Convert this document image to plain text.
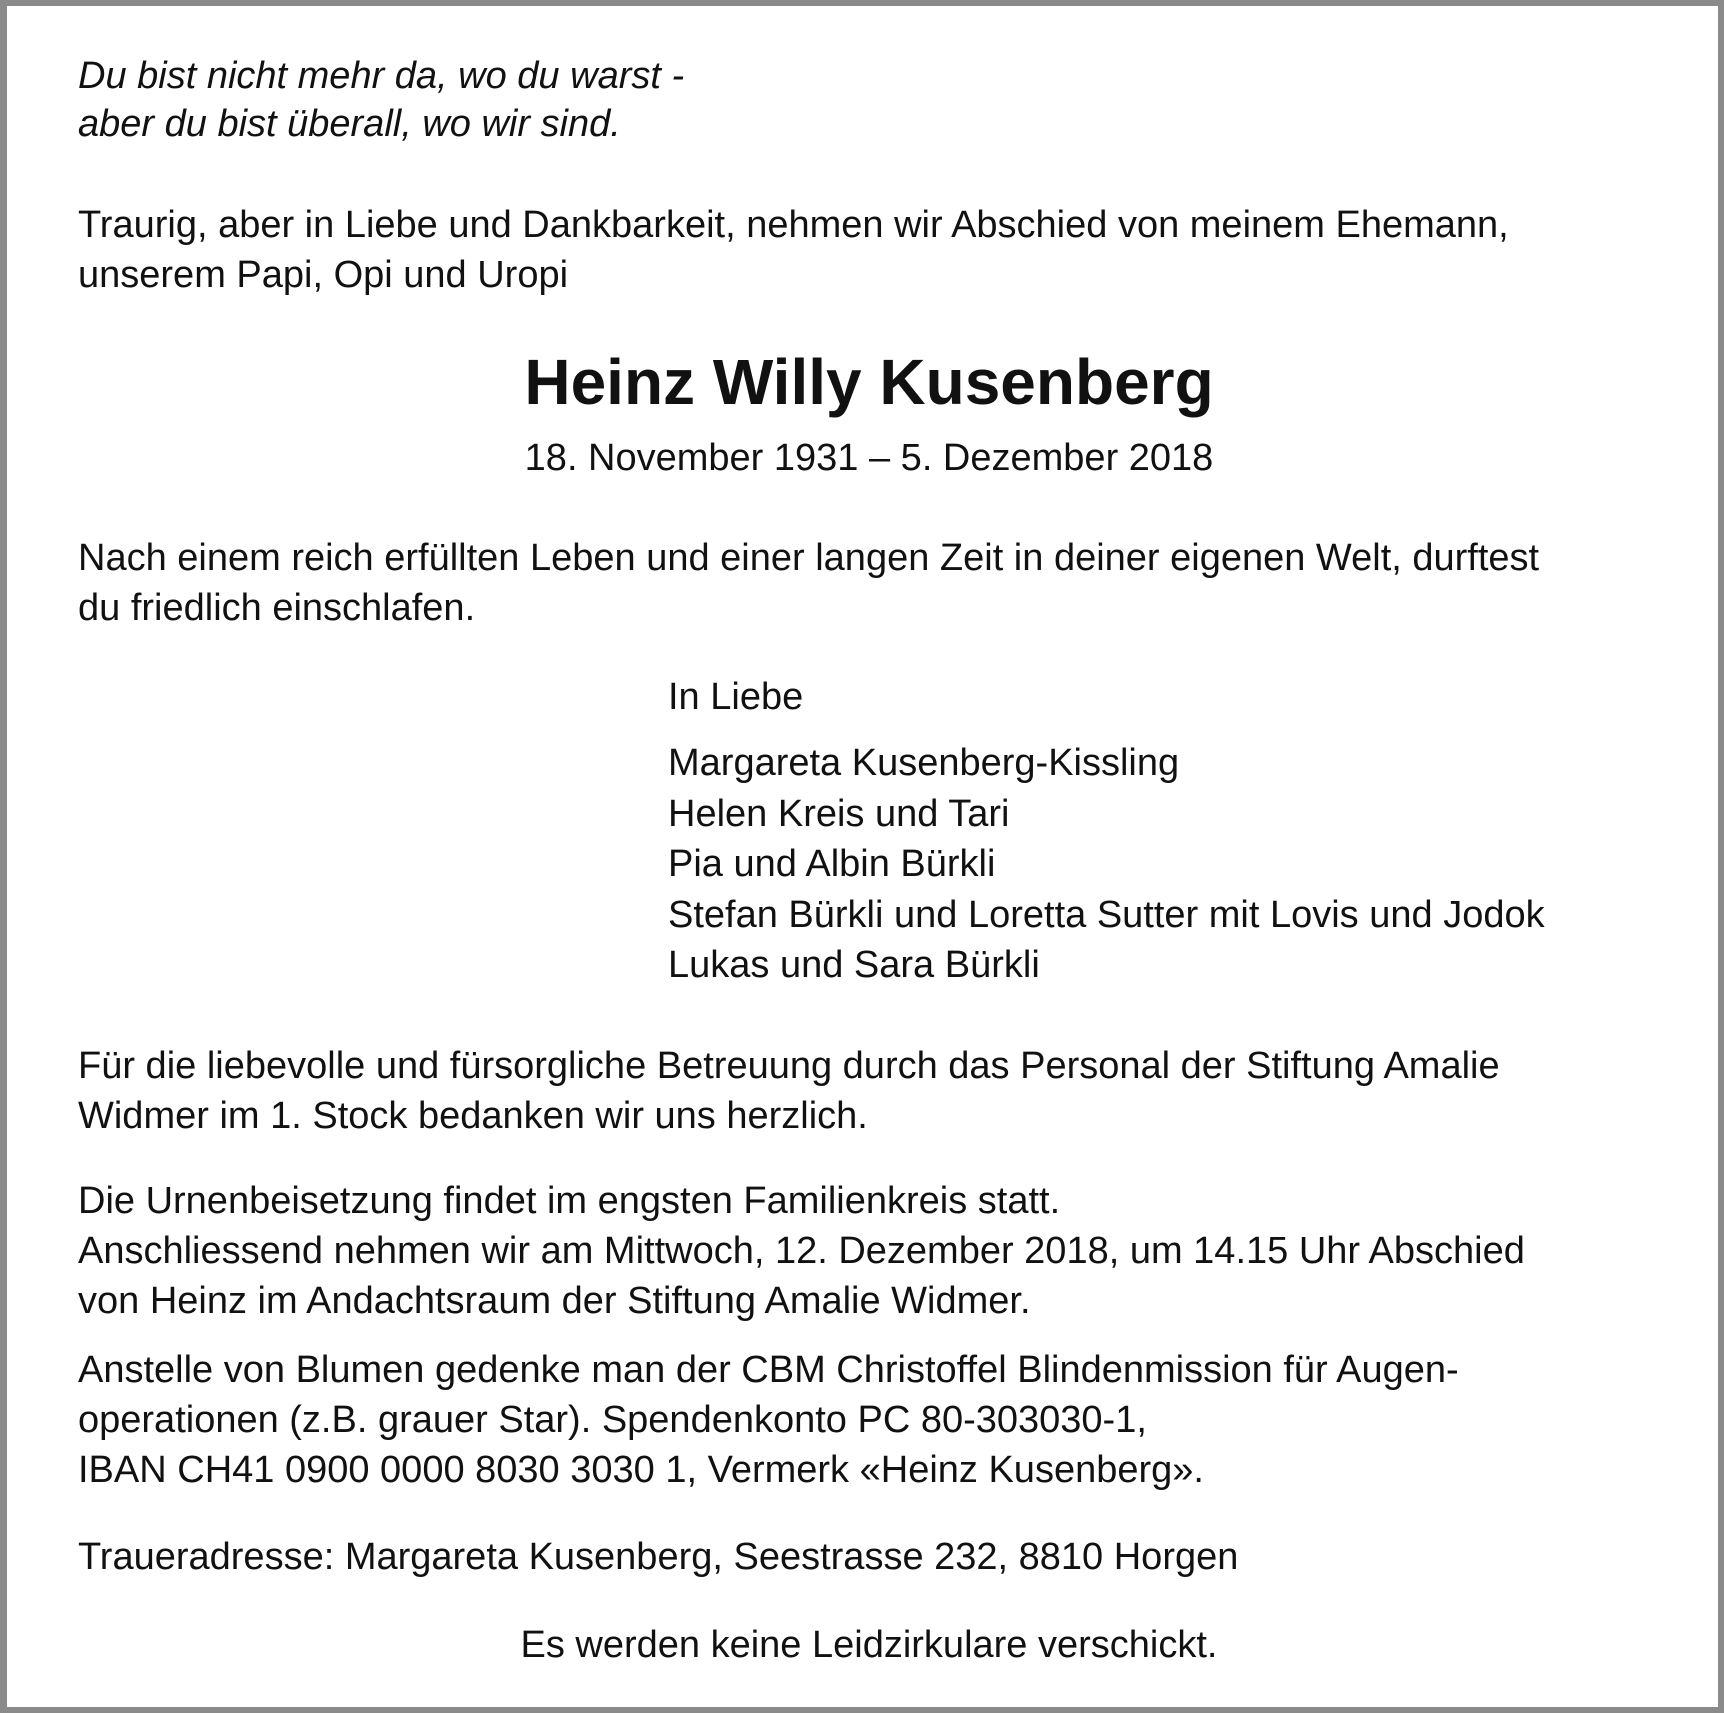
Du bist nicht mehr da, wo du warst -
aber du bist überall, wo wir sind.

Traurig, aber in Liebe und Dankbarkeit, nehmen wir Abschied von meinem Ehemann,
unserem Papi, Opi und Uropi

Heinz Willy Kusenberg
18. November 1931 – 5. Dezember 2018

Nach einem reich erfüllten Leben und einer langen Zeit in deiner eigenen Welt, durftest
du friedlich einschlafen.

In Liebe

Margareta Kusenberg-Kissling
Helen Kreis und Tari
Pia und Albin Bürkli
Stefan Bürkli und Loretta Sutter mit Lovis und Jodok
Lukas und Sara Bürkli

Für die liebevolle und fürsorgliche Betreuung durch das Personal der Stiftung Amalie
Widmer im 1. Stock bedanken wir uns herzlich.

Die Urnenbeisetzung findet im engsten Familienkreis statt.
Anschliessend nehmen wir am Mittwoch, 12. Dezember 2018, um 14.15 Uhr Abschied
von Heinz im Andachtsraum der Stiftung Amalie Widmer.

Anstelle von Blumen gedenke man der CBM Christoffel Blindenmission für Augen-
operationen (z.B. grauer Star). Spendenkonto PC 80-303030-1,
IBAN CH41 0900 0000 8030 3030 1, Vermerk «Heinz Kusenberg».

Traueradresse: Margareta Kusenberg, Seestrasse 232, 8810 Horgen

Es werden keine Leidzirkulare verschickt.
